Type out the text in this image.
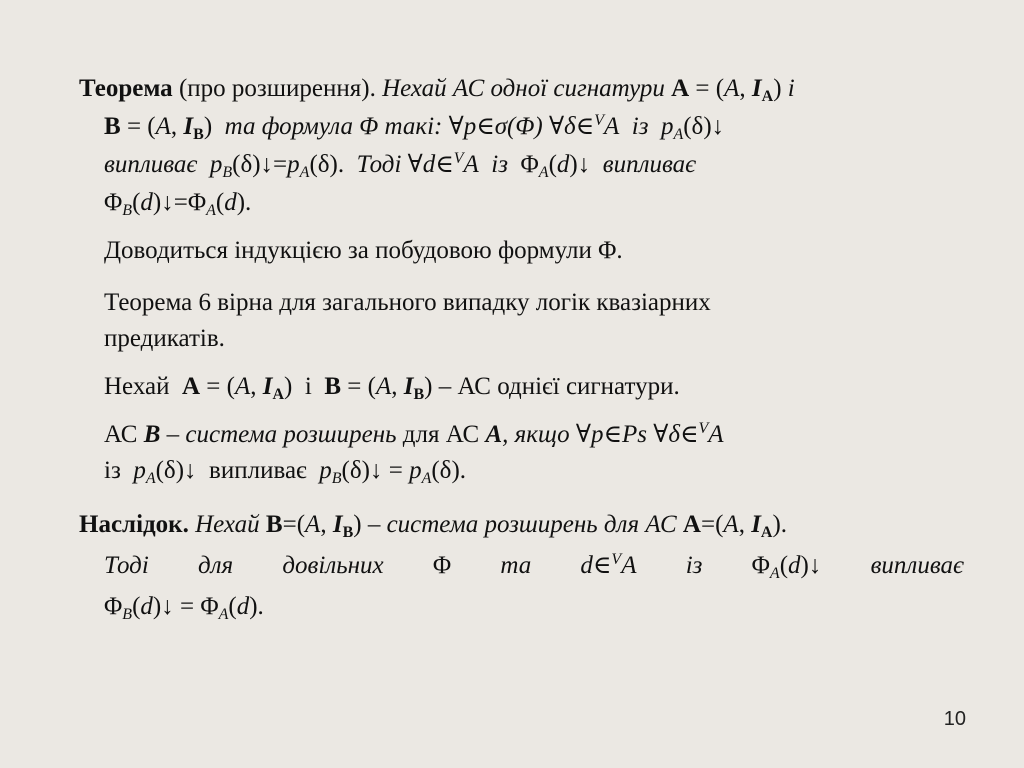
Теорема (про розширення). Нехай АС одної сигнатури A = (A, $I_A$) і
B = (A, $I_B$) та формула Φ такі: ∀p∈σ(Φ) ∀δ∈$^V$A із $p_A(\delta)↓$
випливає $p_B(\delta)↓=p_A(\delta)$.  Тоді ∀d∈$^V$A із  $\Phi_A(d)↓$  випливає
$\Phi_B(d)↓=\Phi_A(d)$.
Доводиться індукцією за побудовою формули Φ.
Теорема 6 вірна для загального випадку логік квазіарних
предикатів.
Нехай A = (A, $I_A$)  і B = (A, $I_B$) – АС однієї сигнатури.
АС B – система розширень для АС A, якщо ∀p∈Ps ∀δ∈$^V$A
із $p_A(\delta)↓$  випливає $p_B(\delta)↓ = p_A(\delta)$.
Наслідок. Нехай B=(A, $I_B$) – система розширень для АС A=(A, $I_A$).
Тоді для довільних Φ та d∈$^V$A із $\Phi_A(d)↓$ випливає
$\Phi_B(d)↓ = \Phi_A(d)$.
10
